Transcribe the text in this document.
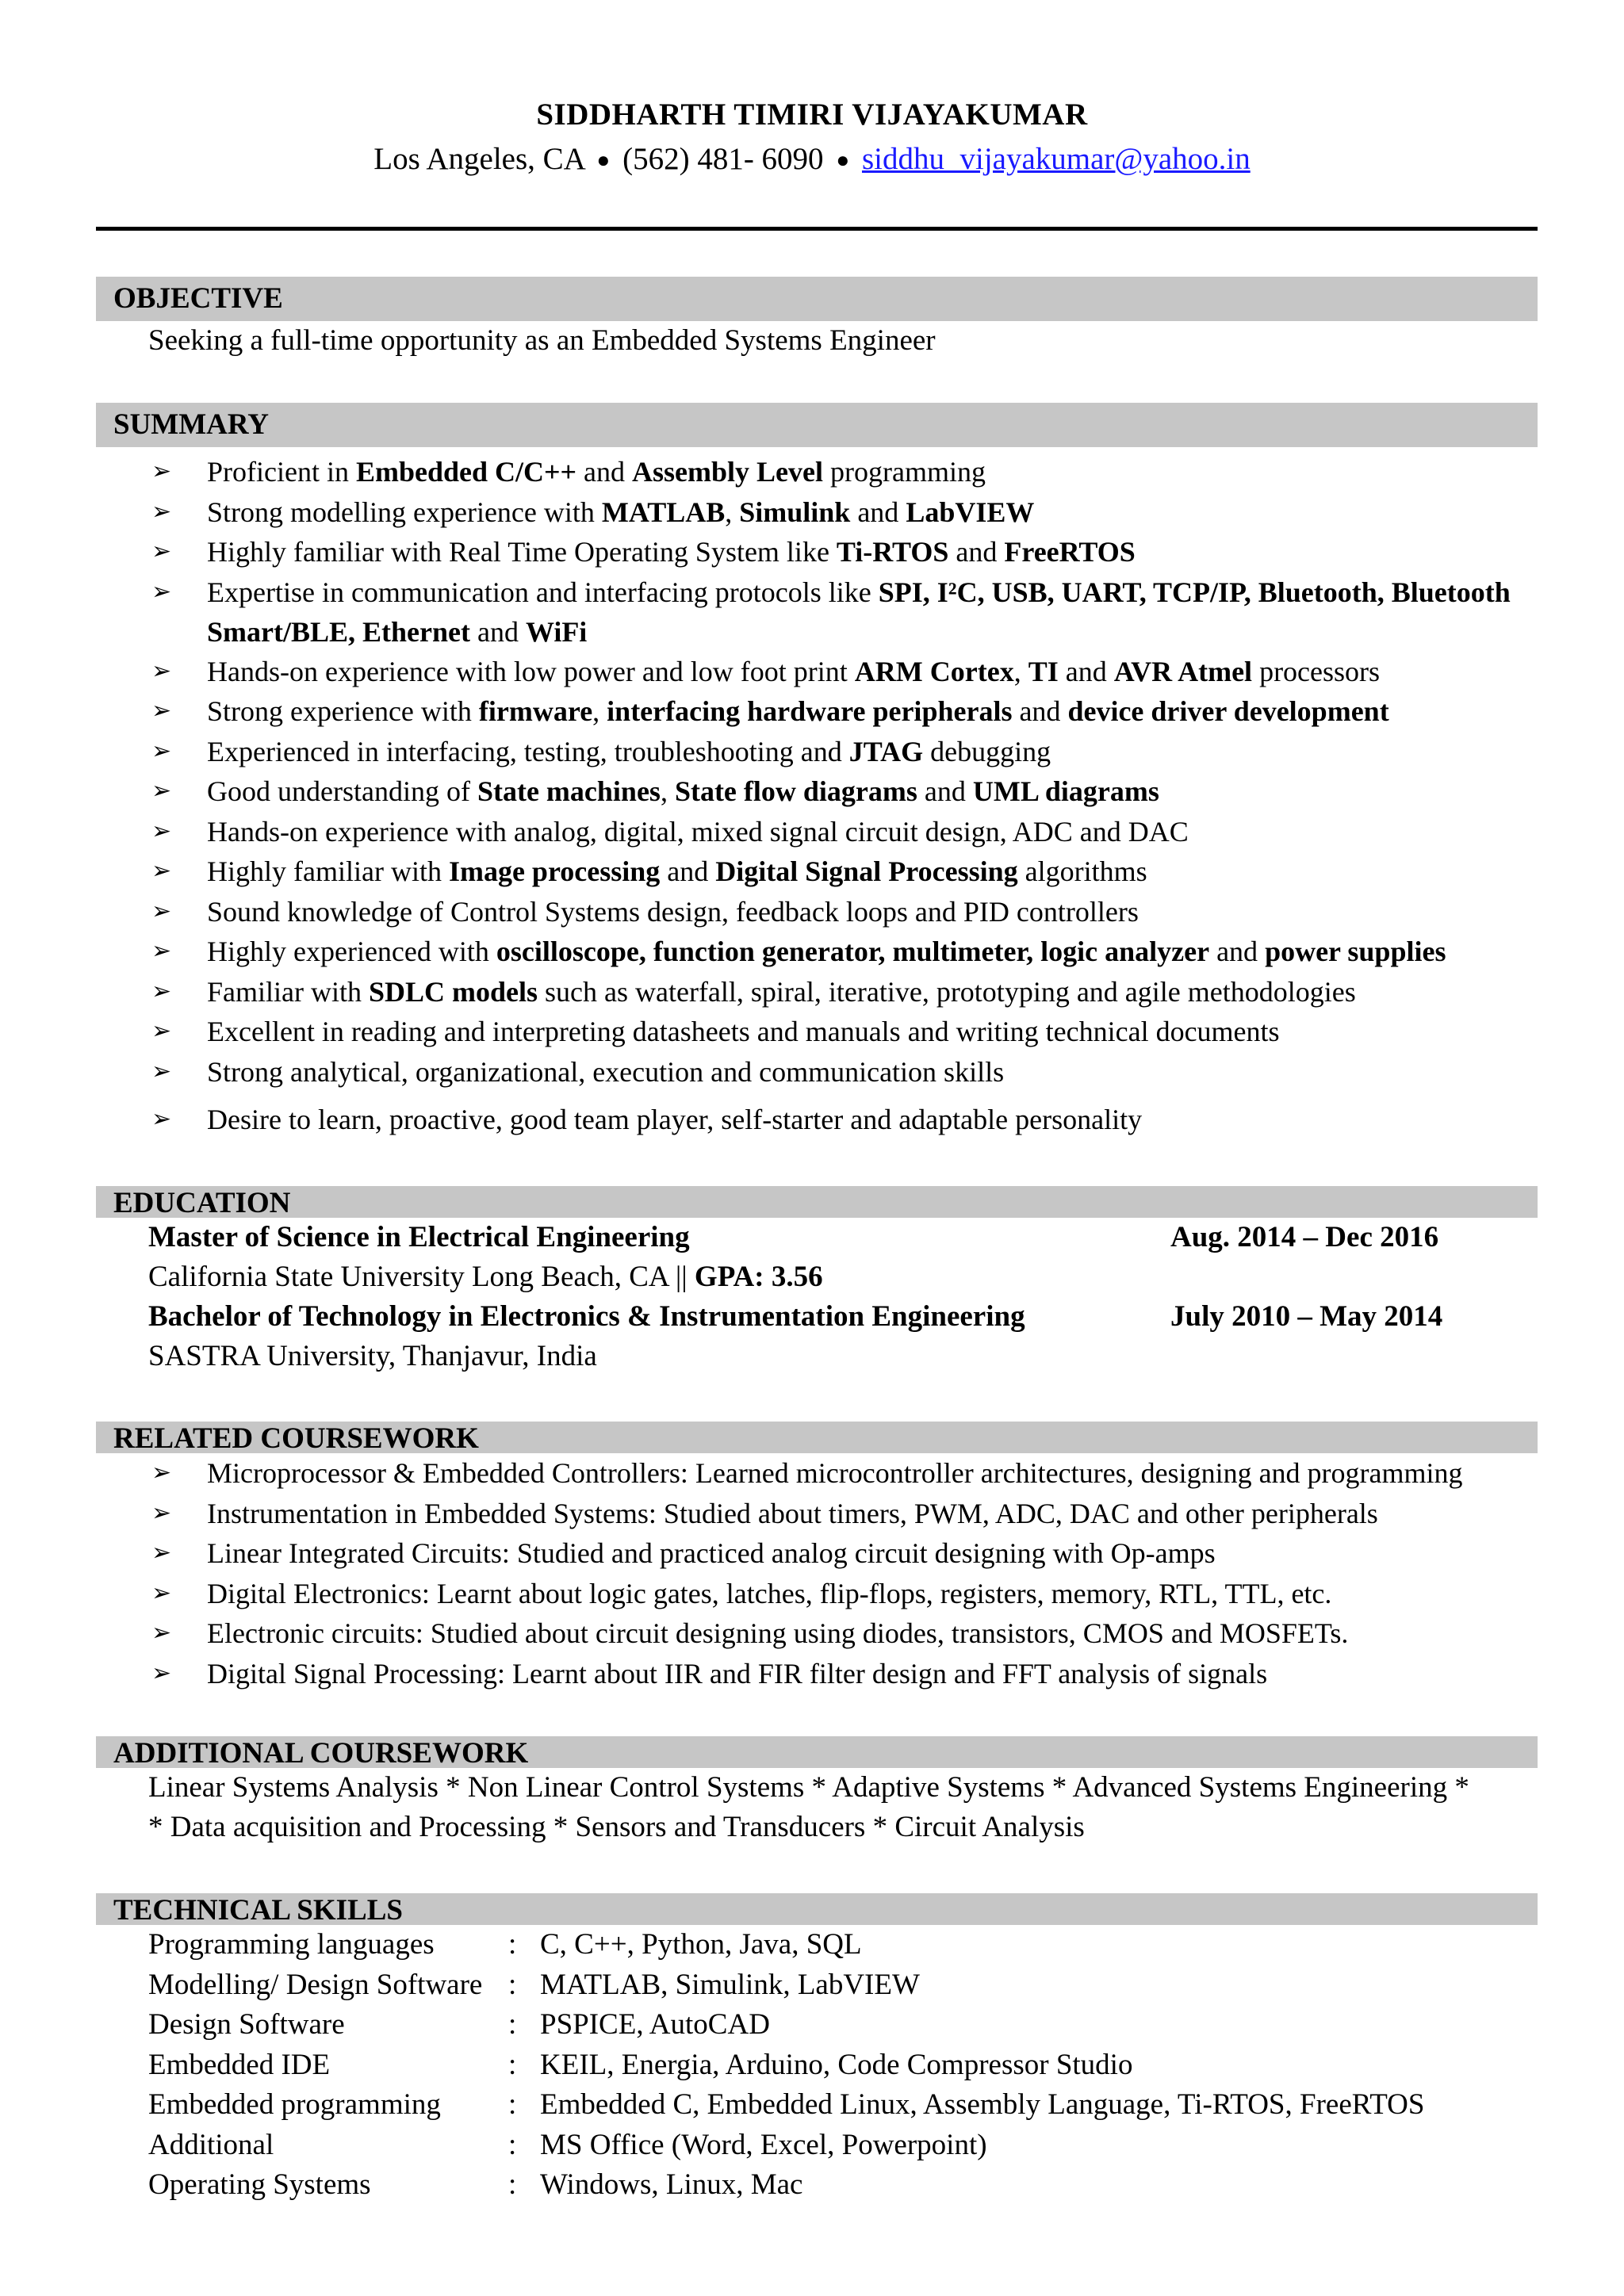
SIDDHARTH TIMIRI VIJAYAKUMAR
Los Angeles, CA ● (562) 481- 6090 ● siddhu_vijayakumar@yahoo.in
OBJECTIVE
Seeking a full-time opportunity as an Embedded Systems Engineer
SUMMARY
➢ Proficient in Embedded C/C++ and Assembly Level programming
➢ Strong modelling experience with MATLAB, Simulink and LabVIEW
➢ Highly familiar with Real Time Operating System like Ti-RTOS and FreeRTOS
➢ Expertise in communication and interfacing protocols like SPI, I²C, USB, UART, TCP/IP, Bluetooth, Bluetooth Smart/BLE, Ethernet and WiFi
➢ Hands-on experience with low power and low foot print ARM Cortex, TI and AVR Atmel processors
➢ Strong experience with firmware, interfacing hardware peripherals and device driver development
➢ Experienced in interfacing, testing, troubleshooting and JTAG debugging
➢ Good understanding of State machines, State flow diagrams and UML diagrams
➢ Hands-on experience with analog, digital, mixed signal circuit design, ADC and DAC
➢ Highly familiar with Image processing and Digital Signal Processing algorithms
➢ Sound knowledge of Control Systems design, feedback loops and PID controllers
➢ Highly experienced with oscilloscope, function generator, multimeter, logic analyzer and power supplies
➢ Familiar with SDLC models such as waterfall, spiral, iterative, prototyping and agile methodologies
➢ Excellent in reading and interpreting datasheets and manuals and writing technical documents
➢ Strong analytical, organizational, execution and communication skills
➢ Desire to learn, proactive, good team player, self-starter and adaptable personality
EDUCATION
Master of Science in Electrical Engineering	Aug. 2014 – Dec 2016
California State University Long Beach, CA || GPA: 3.56
Bachelor of Technology in Electronics & Instrumentation Engineering	July 2010 – May 2014
SASTRA University, Thanjavur, India
RELATED COURSEWORK
➢ Microprocessor & Embedded Controllers: Learned microcontroller architectures, designing and programming
➢ Instrumentation in Embedded Systems: Studied about timers, PWM, ADC, DAC and other peripherals
➢ Linear Integrated Circuits: Studied and practiced analog circuit designing with Op-amps
➢ Digital Electronics: Learnt about logic gates, latches, flip-flops, registers, memory, RTL, TTL, etc.
➢ Electronic circuits: Studied about circuit designing using diodes, transistors, CMOS and MOSFETs.
➢ Digital Signal Processing: Learnt about IIR and FIR filter design and FFT analysis of signals
ADDITIONAL COURSEWORK
Linear Systems Analysis * Non Linear Control Systems * Adaptive Systems * Advanced Systems Engineering *
* Data acquisition and Processing * Sensors and Transducers * Circuit Analysis
TECHNICAL SKILLS
Programming languages	: C, C++, Python, Java, SQL
Modelling/ Design Software : MATLAB, Simulink, LabVIEW
Design Software	: PSPICE, AutoCAD
Embedded IDE	: KEIL, Energia, Arduino, Code Compressor Studio
Embedded programming : Embedded C, Embedded Linux, Assembly Language, Ti-RTOS, FreeRTOS
Additional	: MS Office (Word, Excel, Powerpoint)
Operating Systems	: Windows, Linux, Mac
